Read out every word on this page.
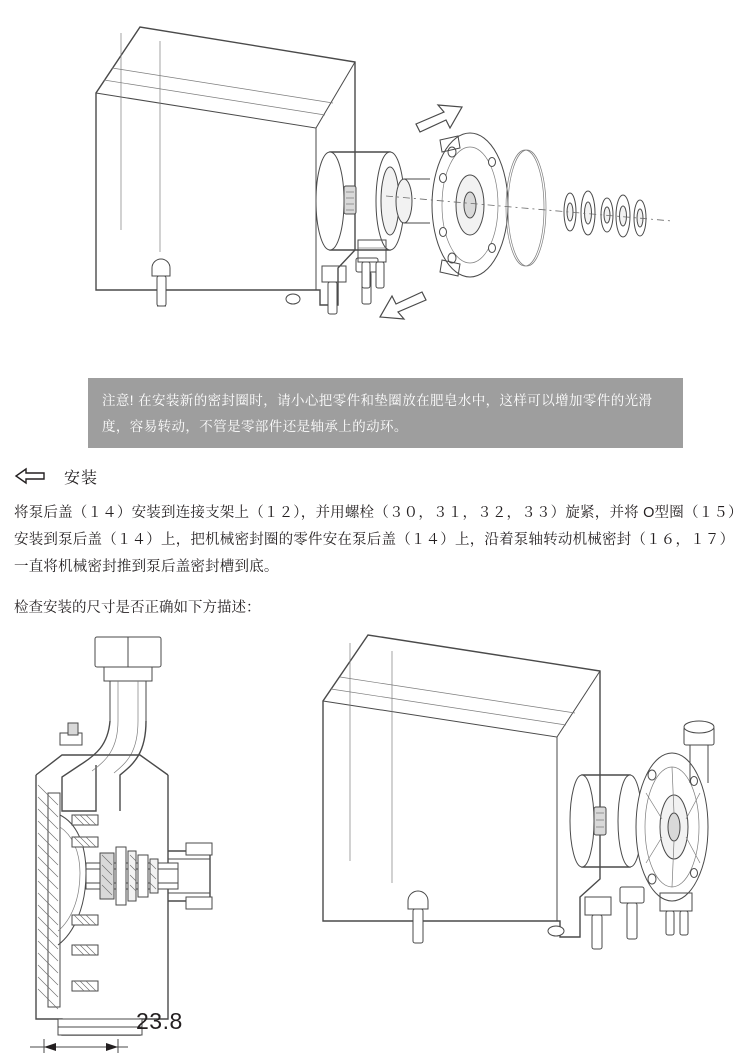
注意! 在安装新的密封圈时，请小心把零件和垫圈放在肥皂水中，这样可以增加零件的光滑度，容易转动，不管是零部件还是轴承上的动环。
安装

将泵后盖（１４）安装到连接支架上（１２），并用螺栓（３０，３１，３２，３３）旋紧，并将 O型圈（１５）安装到泵后盖（１４）上，把机械密封圈的零件安在泵后盖（１４）上，沿着泵轴转动机械密封（１６，１７）一直将机械密封推到泵后盖密封槽到底。

检查安装的尺寸是否正确如下方描述：

23.8
